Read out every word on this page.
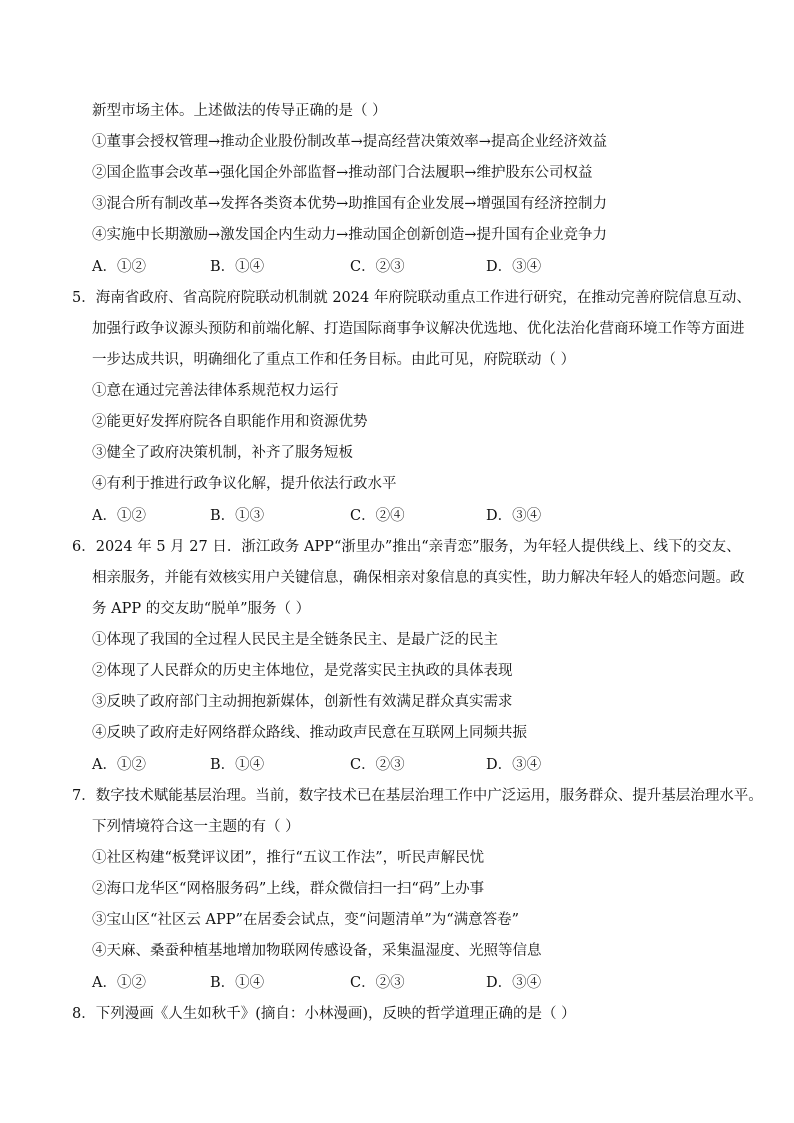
新型市场主体。上述做法的传导正确的是（ ）
①董事会授权管理→推动企业股份制改革→提高经营决策效率→提高企业经济效益
②国企监事会改革→强化国企外部监督→推动部门合法履职→维护股东公司权益
③混合所有制改革→发挥各类资本优势→助推国有企业发展→增强国有经济控制力
④实施中长期激励→激发国企内生动力→推动国企创新创造→提升国有企业竞争力
A．①②	B．①④	C．②③	D．③④
5．海南省政府、省高院府院联动机制就 2024 年府院联动重点工作进行研究，在推动完善府院信息互动、
加强行政争议源头预防和前端化解、打造国际商事争议解决优选地、优化法治化营商环境工作等方面进
一步达成共识，明确细化了重点工作和任务目标。由此可见，府院联动（ ）
①意在通过完善法律体系规范权力运行
②能更好发挥府院各自职能作用和资源优势
③健全了政府决策机制，补齐了服务短板
④有利于推进行政争议化解，提升依法行政水平
A．①②	B．①③	C．②④	D．③④
6．2024 年 5 月 27 日．浙江政务 APP“浙里办”推出“亲青恋”服务，为年轻人提供线上、线下的交友、
相亲服务，并能有效核实用户关键信息，确保相亲对象信息的真实性，助力解决年轻人的婚恋问题。政
务 APP 的交友助“脱单”服务（ ）
①体现了我国的全过程人民民主是全链条民主、是最广泛的民主
②体现了人民群众的历史主体地位，是党落实民主执政的具体表现
③反映了政府部门主动拥抱新媒体，创新性有效满足群众真实需求
④反映了政府走好网络群众路线、推动政声民意在互联网上同频共振
A．①②	B．①④	C．②③	D．③④
7．数字技术赋能基层治理。当前，数字技术已在基层治理工作中广泛运用，服务群众、提升基层治理水平。
下列情境符合这一主题的有（ ）
①社区构建“板凳评议团”，推行“五议工作法”，听民声解民忧
②海口龙华区“网格服务码”上线，群众微信扫一扫“码”上办事
③宝山区“社区云 APP”在居委会试点，变“问题清单”为“满意答卷”
④天麻、桑蚕种植基地增加物联网传感设备，采集温湿度、光照等信息
A．①②	B．①④	C．②③	D．③④
8．下列漫画《人生如秋千》(摘自：小林漫画)，反映的哲学道理正确的是（ ）
